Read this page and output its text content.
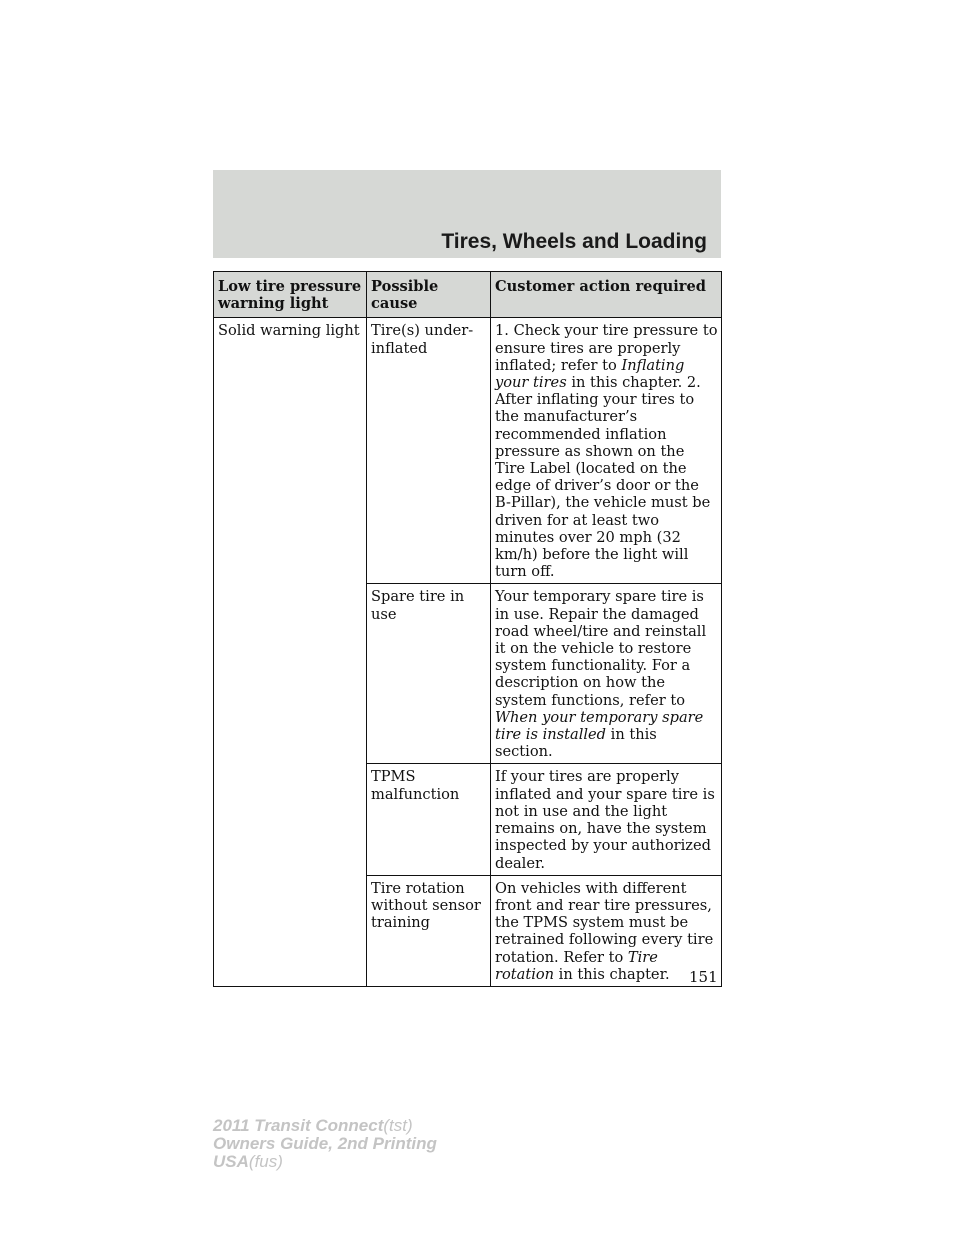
Tires, Wheels and Loading
Low tire pressure warning light	Possible cause	Customer action required
Solid warning light	Tire(s) under-inflated	1. Check your tire pressure to ensure tires are properly inflated; refer to Inflating your tires in this chapter. 2. After inflating your tires to the manufacturer’s recommended inflation pressure as shown on the Tire Label (located on the edge of driver’s door or the B-Pillar), the vehicle must be driven for at least two minutes over 20 mph (32 km/h) before the light will turn off.
	Spare tire in use	Your temporary spare tire is in use. Repair the damaged road wheel/tire and reinstall it on the vehicle to restore system functionality. For a description on how the system functions, refer to When your temporary spare tire is installed in this section.
	TPMS malfunction	If your tires are properly inflated and your spare tire is not in use and the light remains on, have the system inspected by your authorized dealer.
	Tire rotation without sensor training	On vehicles with different front and rear tire pressures, the TPMS system must be retrained following every tire rotation. Refer to Tire rotation in this chapter. 151
2011 Transit Connect(tst)
Owners Guide, 2nd Printing
USA(fus)
